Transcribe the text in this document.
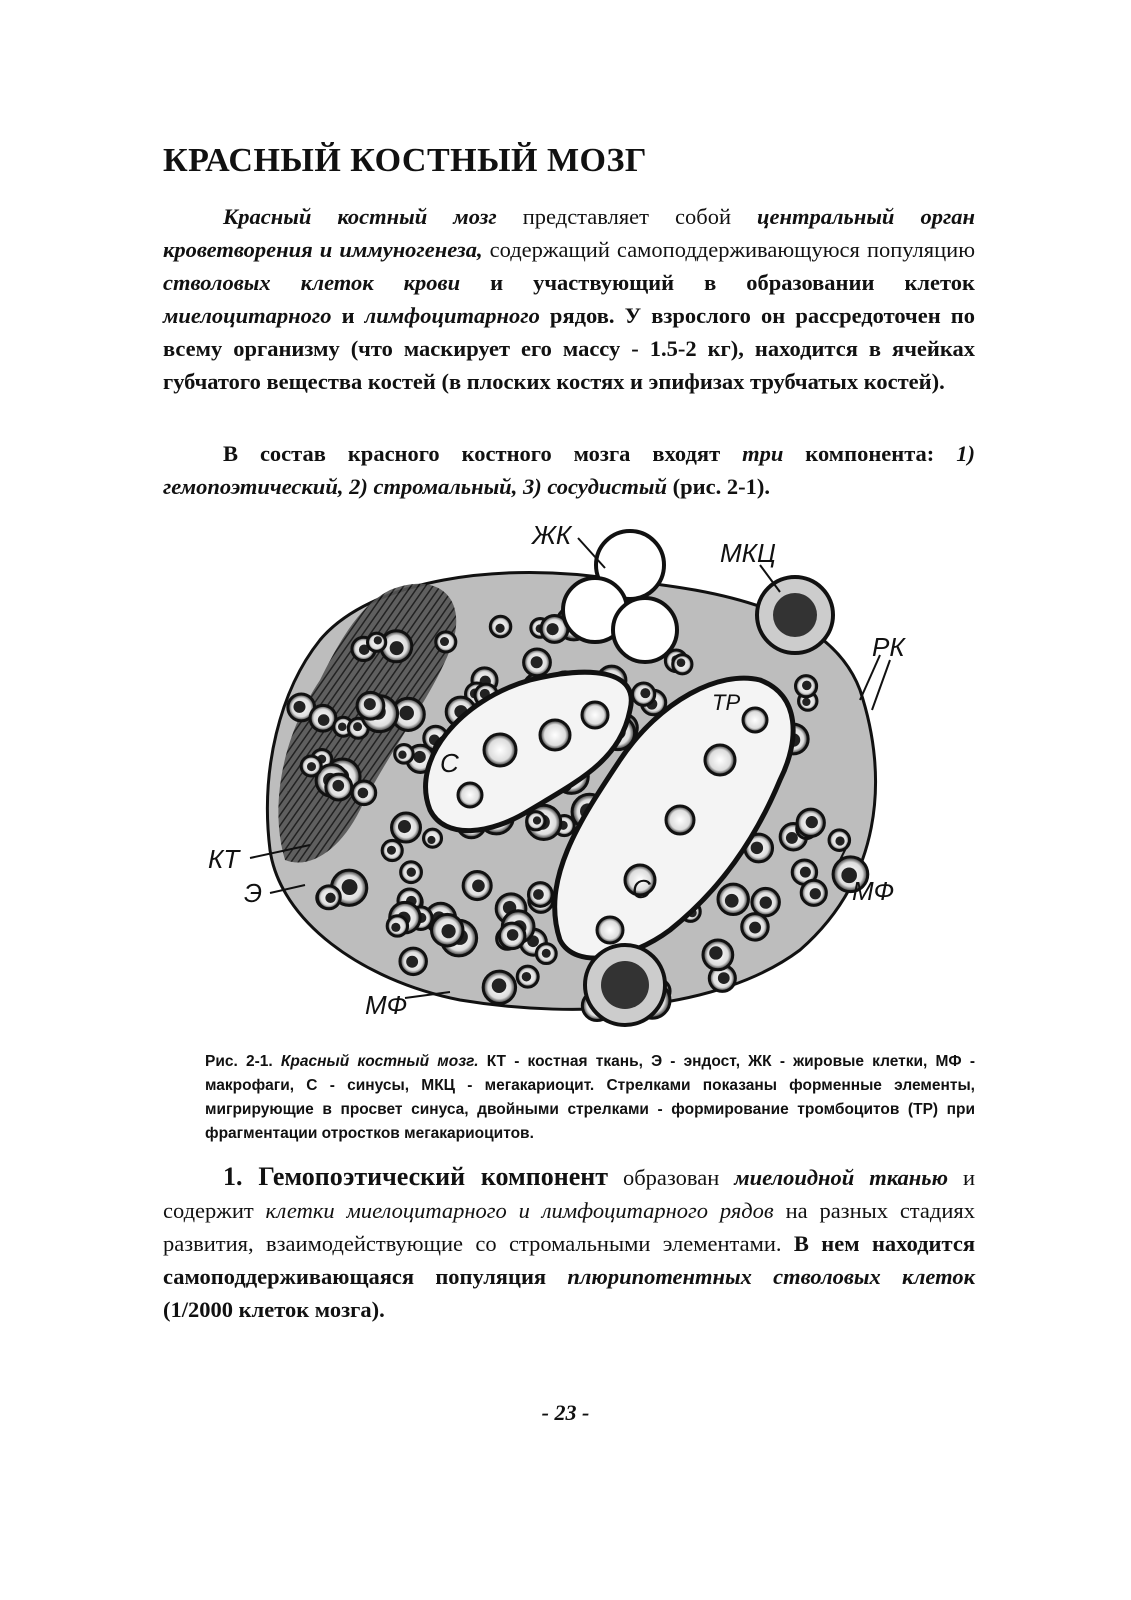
КРАСНЫЙ КОСТНЫЙ МОЗГ

Красный костный мозг представляет собой центральный орган кроветворения и иммуногенеза, содержащий самоподдерживающуюся популяцию стволовых клеток крови и участвующий в образовании клеток миелоцитарного и лимфоцитарного рядов. У взрослого он рассредоточен по всему организму (что маскирует его массу - 1.5-2 кг), находится в ячейках губчатого вещества костей (в плоских костях и эпифизах трубчатых костей).

В состав красного костного мозга входят три компонента: 1) гемопоэтический, 2) стромальный, 3) сосудистый (рис. 2-1).

ЖК
МКЦ
РК
ТР
С
С
КТ
Э	МФ
МФ

Рис. 2-1. Красный костный мозг. КТ - костная ткань, Э - эндост, ЖК - жировые клетки, МФ - макрофаги, С - синусы, МКЦ - мегакариоцит. Стрелками показаны форменные элементы, мигрирующие в просвет синуса, двойными стрелками - формирование тромбоцитов (ТР) при фрагментации отростков мегакариоцитов.

1. Гемопоэтический компонент образован миелоидной тканью и содержит клетки миелоцитарного и лимфоцитарного рядов на разных стадиях развития, взаимодействующие со стромальными элементами. В нем находится самоподдерживающаяся популяция плюрипотентных стволовых клеток (1/2000 клеток мозга).

- 23 -
